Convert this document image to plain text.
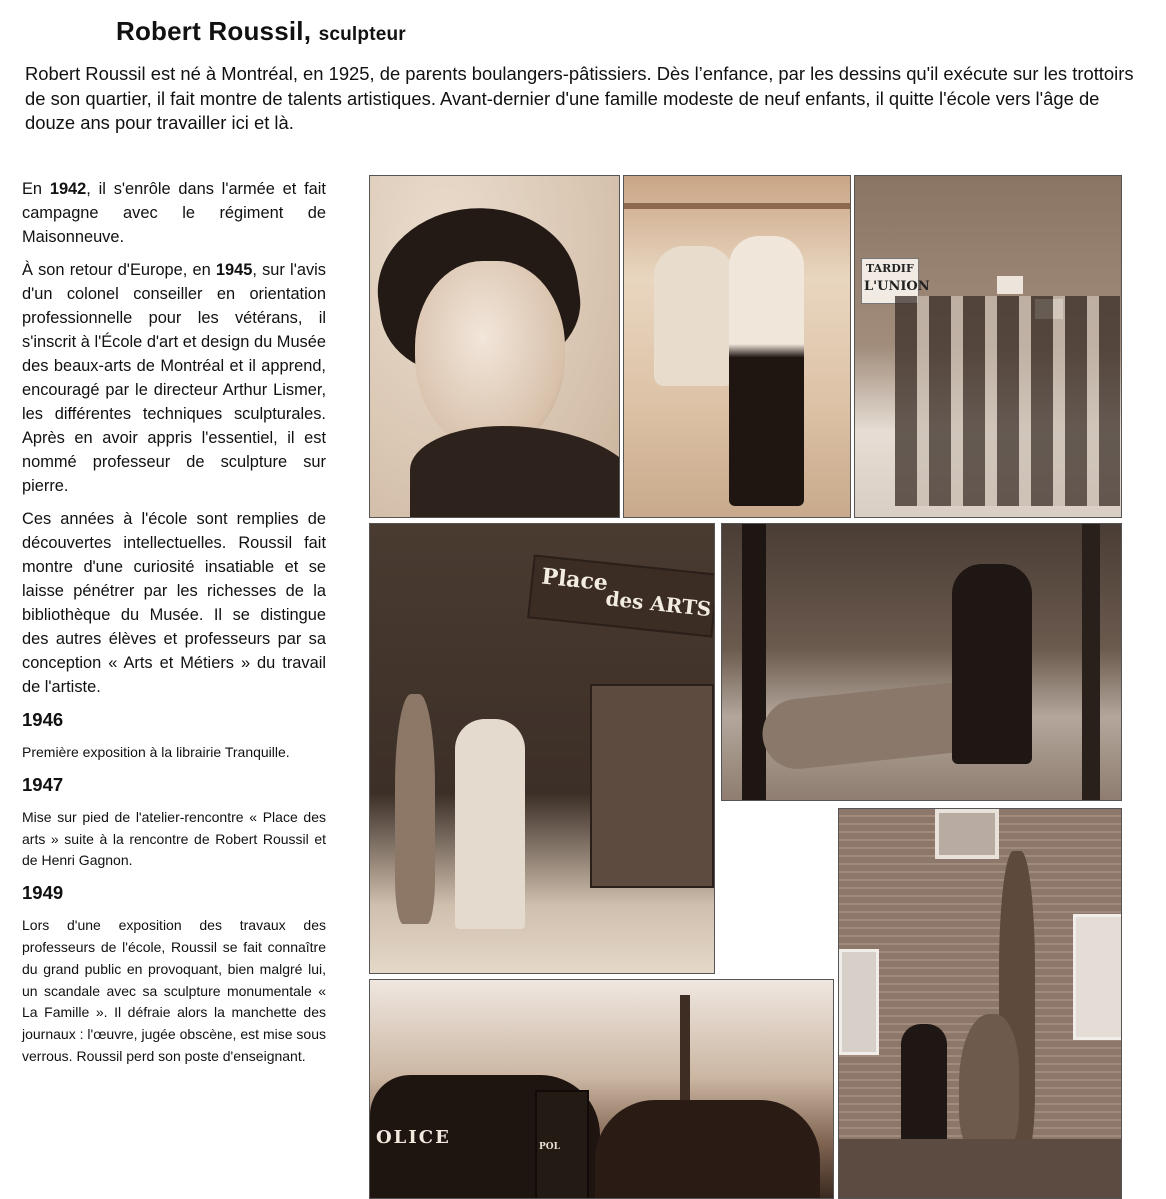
Robert Roussil, sculpteur
Robert Roussil est né à Montréal, en 1925, de parents boulangers-pâtissiers. Dès l’enfance, par les dessins qu'il exécute sur les trottoirs de son quartier, il fait montre de talents artistiques. Avant-dernier d'une famille modeste de neuf enfants, il quitte l'école vers l'âge de douze ans pour travailler ici et là.

En 1942, il s'enrôle dans l'armée et fait campagne avec le régiment de Maisonneuve.

À son retour d'Europe, en 1945, sur l'avis d'un colonel conseiller en orientation professionnelle pour les vétérans, il s'inscrit à l'École d'art et design du Musée des beaux-arts de Montréal et il apprend, encouragé par le directeur Arthur Lismer, les différentes techniques sculpturales. Après en avoir appris l'essentiel, il est nommé professeur de sculpture sur pierre.

Ces années à l'école sont remplies de découvertes intellectuelles. Roussil fait montre d'une curiosité insatiable et se laisse pénétrer par les richesses de la bibliothèque du Musée. Il se distingue des autres élèves et professeurs par sa conception « Arts et Métiers » du travail de l'artiste.

1946

Première exposition à la librairie Tranquille.

1947

Mise sur pied de l'atelier-rencontre « Place des arts » suite à la rencontre de Robert Roussil et de Henri Gagnon.

1949

Lors d'une exposition des travaux des professeurs de l'école, Roussil se fait connaître du grand public en provoquant, bien malgré lui, un scandale avec sa sculpture monumentale « La Famille ». Il défraie alors la manchette des journaux : l'œuvre, jugée obscène, est mise sous verrous. Roussil perd son poste d'enseignant.

TARDIF
L'UNION
Place
des ARTS
OLICE	POL
